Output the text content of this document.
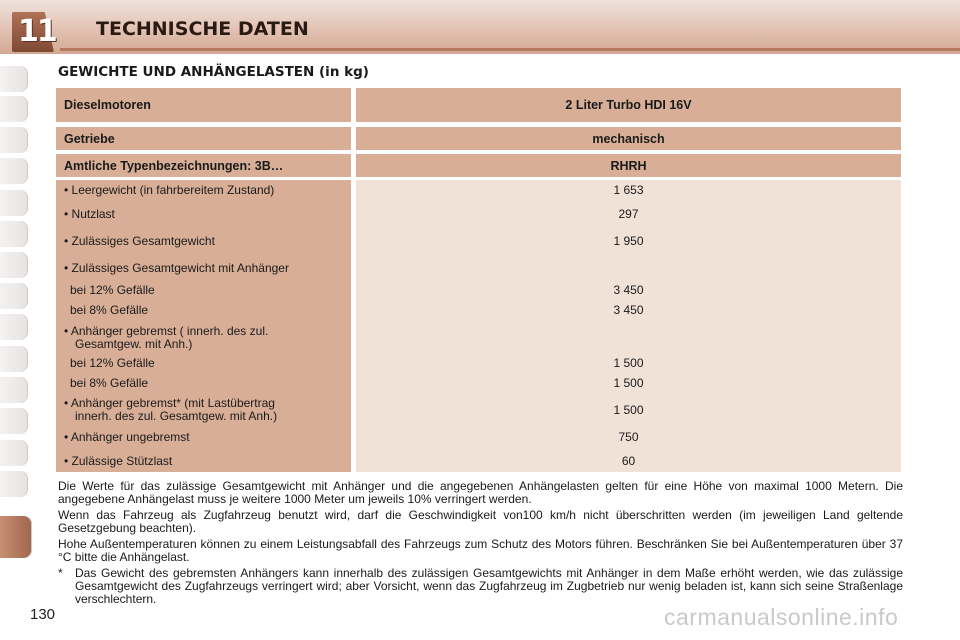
11 TECHNISCHE DATEN
GEWICHTE UND ANHÄNGELASTEN (in kg)
Dieselmotoren	2 Liter Turbo HDI 16V
Getriebe	mechanisch
Amtliche Typenbezeichnungen: 3B…	RHRH
• Leergewicht (in fahrbereitem Zustand)	1 653
• Nutzlast	297
• Zulässiges Gesamtgewicht	1 950
• Zulässiges Gesamtgewicht mit Anhänger
bei 12% Gefälle	3 450
bei 8% Gefälle	3 450
• Anhänger gebremst ( innerh. des zul.
Gesamtgew. mit Anh.)
bei 12% Gefälle	1 500
bei 8% Gefälle	1 500
• Anhänger gebremst* (mit Lastübertrag
innerh. des zul. Gesamtgew. mit Anh.)	1 500
• Anhänger ungebremst	750
• Zulässige Stützlast	60
Die Werte für das zulässige Gesamtgewicht mit Anhänger und die angegebenen Anhängelasten gelten für eine Höhe von maximal 1000 Metern. Die angegebene Anhängelast muss je weitere 1000 Meter um jeweils 10% verringert werden.
Wenn das Fahrzeug als Zugfahrzeug benutzt wird, darf die Geschwindigkeit von100 km/h nicht überschritten werden (im jeweiligen Land geltende Gesetzgebung beachten).
Hohe Außentemperaturen können zu einem Leistungsabfall des Fahrzeugs zum Schutz des Motors führen. Beschränken Sie bei Außentemperaturen über 37 °C bitte die Anhängelast.
* Das Gewicht des gebremsten Anhängers kann innerhalb des zulässigen Gesamtgewichts mit Anhänger in dem Maße erhöht werden, wie das zulässige Gesamtgewicht des Zugfahrzeugs verringert wird; aber Vorsicht, wenn das Zugfahrzeug im Zugbetrieb nur wenig beladen ist, kann sich seine Straßenlage verschlechtern.
130	carmanualsonline.info
